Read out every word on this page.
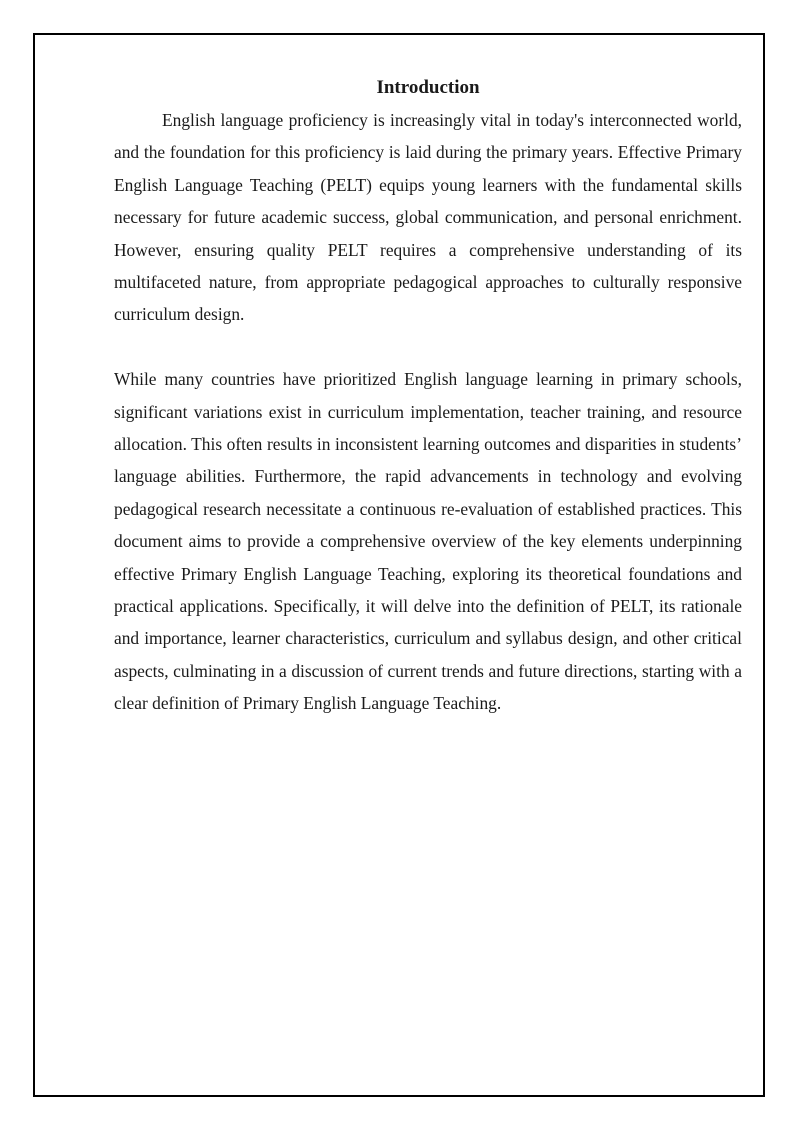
Introduction

English language proficiency is increasingly vital in today's interconnected world, and the foundation for this proficiency is laid during the primary years. Effective Primary English Language Teaching (PELT) equips young learners with the fundamental skills necessary for future academic success, global communication, and personal enrichment. However, ensuring quality PELT requires a comprehensive understanding of its multifaceted nature, from appropriate pedagogical approaches to culturally responsive curriculum design.

While many countries have prioritized English language learning in primary schools, significant variations exist in curriculum implementation, teacher training, and resource allocation. This often results in inconsistent learning outcomes and disparities in students’ language abilities. Furthermore, the rapid advancements in technology and evolving pedagogical research necessitate a continuous re-evaluation of established practices. This document aims to provide a comprehensive overview of the key elements underpinning effective Primary English Language Teaching, exploring its theoretical foundations and practical applications. Specifically, it will delve into the definition of PELT, its rationale and importance, learner characteristics, curriculum and syllabus design, and other critical aspects, culminating in a discussion of current trends and future directions, starting with a clear definition of Primary English Language Teaching.
